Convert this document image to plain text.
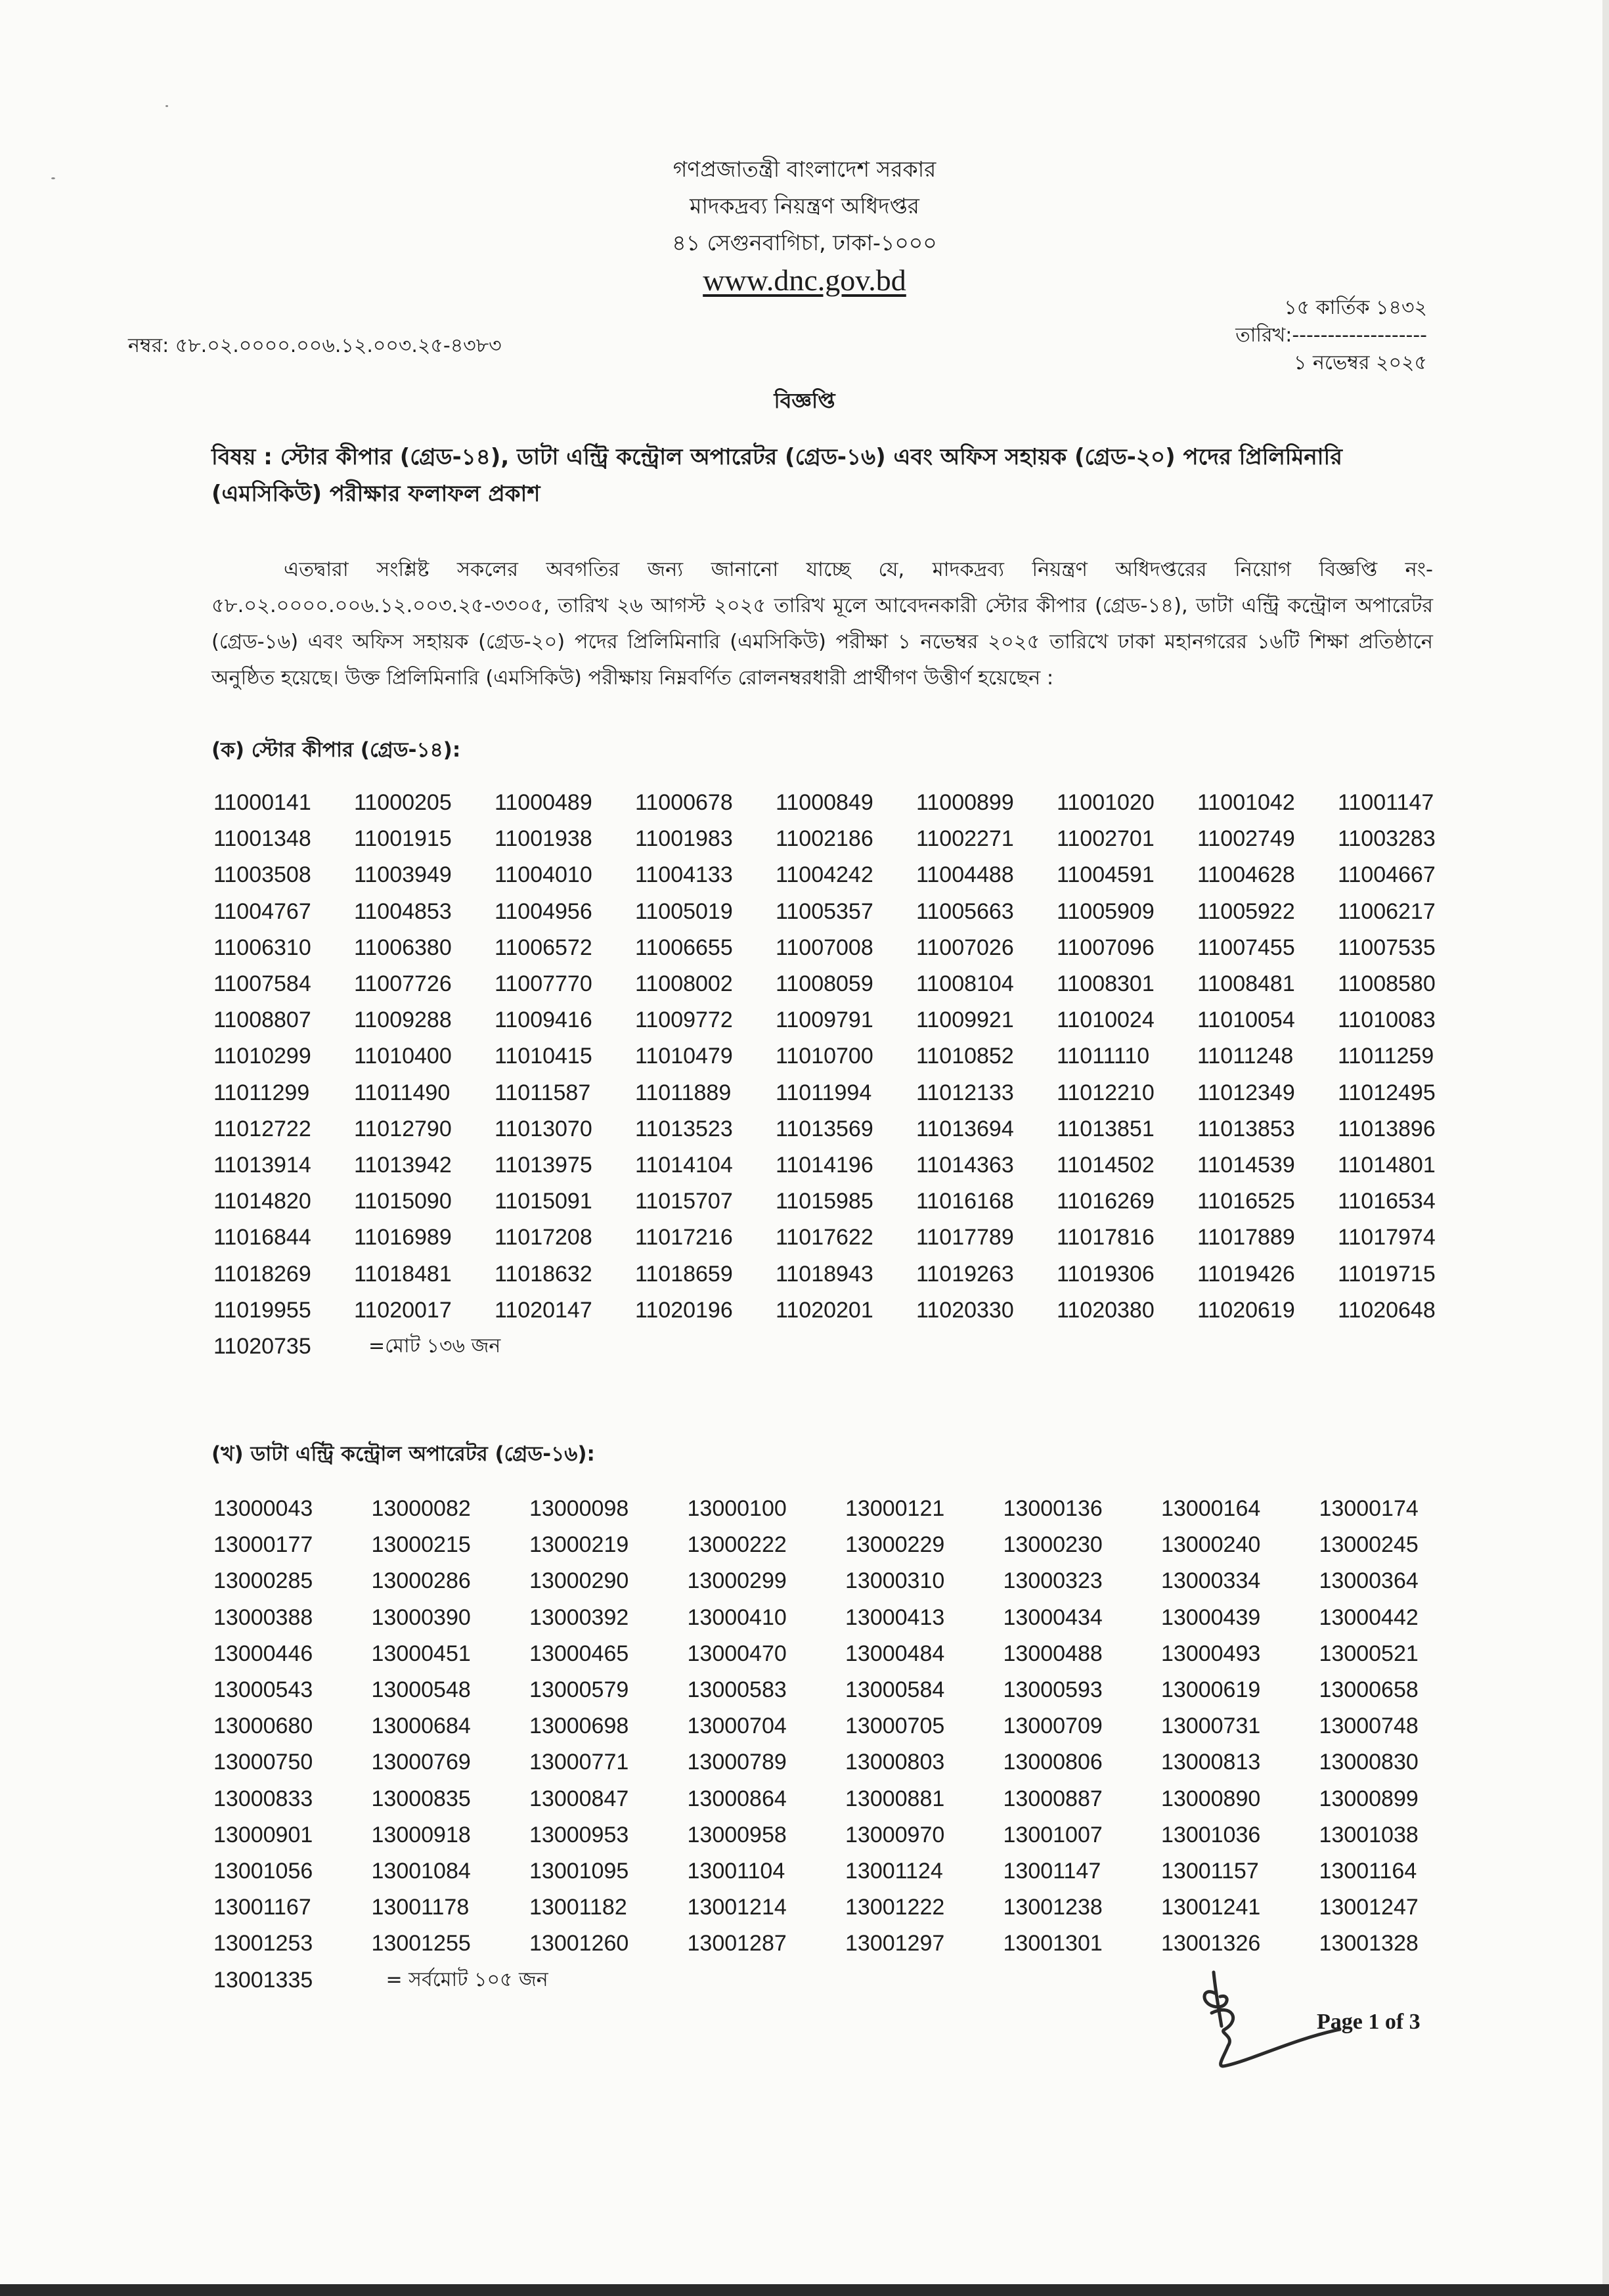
গণপ্রজাতন্ত্রী বাংলাদেশ সরকার
মাদকদ্রব্য নিয়ন্ত্রণ অধিদপ্তর
৪১ সেগুনবাগিচা, ঢাকা-১০০০
www.dnc.gov.bd
নম্বর: ৫৮.০২.০০০০.০০৬.১২.০০৩.২৫-৪৩৮৩
১৫ কার্তিক ১৪৩২
তারিখ:-------------------
১ নভেম্বর ২০২৫
বিজ্ঞপ্তি
বিষয় : স্টোর কীপার (গ্রেড-১৪), ডাটা এন্ট্রি কন্ট্রোল অপারেটর (গ্রেড-১৬) এবং অফিস সহায়ক (গ্রেড-২০) পদের প্রিলিমিনারি (এমসিকিউ) পরীক্ষার ফলাফল প্রকাশ
এতদ্বারা সংশ্লিষ্ট সকলের অবগতির জন্য জানানো যাচ্ছে যে, মাদকদ্রব্য নিয়ন্ত্রণ অধিদপ্তরের নিয়োগ বিজ্ঞপ্তি নং- ৫৮.০২.০০০০.০০৬.১২.০০৩.২৫-৩৩০৫, তারিখ ২৬ আগস্ট ২০২৫ তারিখ মূলে আবেদনকারী স্টোর কীপার (গ্রেড-১৪), ডাটা এন্ট্রি কন্ট্রোল অপারেটর (গ্রেড-১৬) এবং অফিস সহায়ক (গ্রেড-২০) পদের প্রিলিমিনারি (এমসিকিউ) পরীক্ষা ১ নভেম্বর ২০২৫ তারিখে ঢাকা মহানগরের ১৬টি শিক্ষা প্রতিষ্ঠানে অনুষ্ঠিত হয়েছে। উক্ত প্রিলিমিনারি (এমসিকিউ) পরীক্ষায় নিম্নবর্ণিত রোলনম্বরধারী প্রার্থীগণ উত্তীর্ণ হয়েছেন :
(ক) স্টোর কীপার (গ্রেড-১৪):
11000141	11000205	11000489	11000678	11000849	11000899	11001020	11001042	11001147
11001348	11001915	11001938	11001983	11002186	11002271	11002701	11002749	11003283
11003508	11003949	11004010	11004133	11004242	11004488	11004591	11004628	11004667
11004767	11004853	11004956	11005019	11005357	11005663	11005909	11005922	11006217
11006310	11006380	11006572	11006655	11007008	11007026	11007096	11007455	11007535
11007584	11007726	11007770	11008002	11008059	11008104	11008301	11008481	11008580
11008807	11009288	11009416	11009772	11009791	11009921	11010024	11010054	11010083
11010299	11010400	11010415	11010479	11010700	11010852	11011110	11011248	11011259
11011299	11011490	11011587	11011889	11011994	11012133	11012210	11012349	11012495
11012722	11012790	11013070	11013523	11013569	11013694	11013851	11013853	11013896
11013914	11013942	11013975	11014104	11014196	11014363	11014502	11014539	11014801
11014820	11015090	11015091	11015707	11015985	11016168	11016269	11016525	11016534
11016844	11016989	11017208	11017216	11017622	11017789	11017816	11017889	11017974
11018269	11018481	11018632	11018659	11018943	11019263	11019306	11019426	11019715
11019955	11020017	11020147	11020196	11020201	11020330	11020380	11020619	11020648
11020735	=মোট ১৩৬ জন
(খ) ডাটা এন্ট্রি কন্ট্রোল অপারেটর (গ্রেড-১৬):
13000043	13000082	13000098	13000100	13000121	13000136	13000164	13000174
13000177	13000215	13000219	13000222	13000229	13000230	13000240	13000245
13000285	13000286	13000290	13000299	13000310	13000323	13000334	13000364
13000388	13000390	13000392	13000410	13000413	13000434	13000439	13000442
13000446	13000451	13000465	13000470	13000484	13000488	13000493	13000521
13000543	13000548	13000579	13000583	13000584	13000593	13000619	13000658
13000680	13000684	13000698	13000704	13000705	13000709	13000731	13000748
13000750	13000769	13000771	13000789	13000803	13000806	13000813	13000830
13000833	13000835	13000847	13000864	13000881	13000887	13000890	13000899
13000901	13000918	13000953	13000958	13000970	13001007	13001036	13001038
13001056	13001084	13001095	13001104	13001124	13001147	13001157	13001164
13001167	13001178	13001182	13001214	13001222	13001238	13001241	13001247
13001253	13001255	13001260	13001287	13001297	13001301	13001326	13001328
13001335	= সর্বমোট ১০৫ জন
Page 1 of 3
